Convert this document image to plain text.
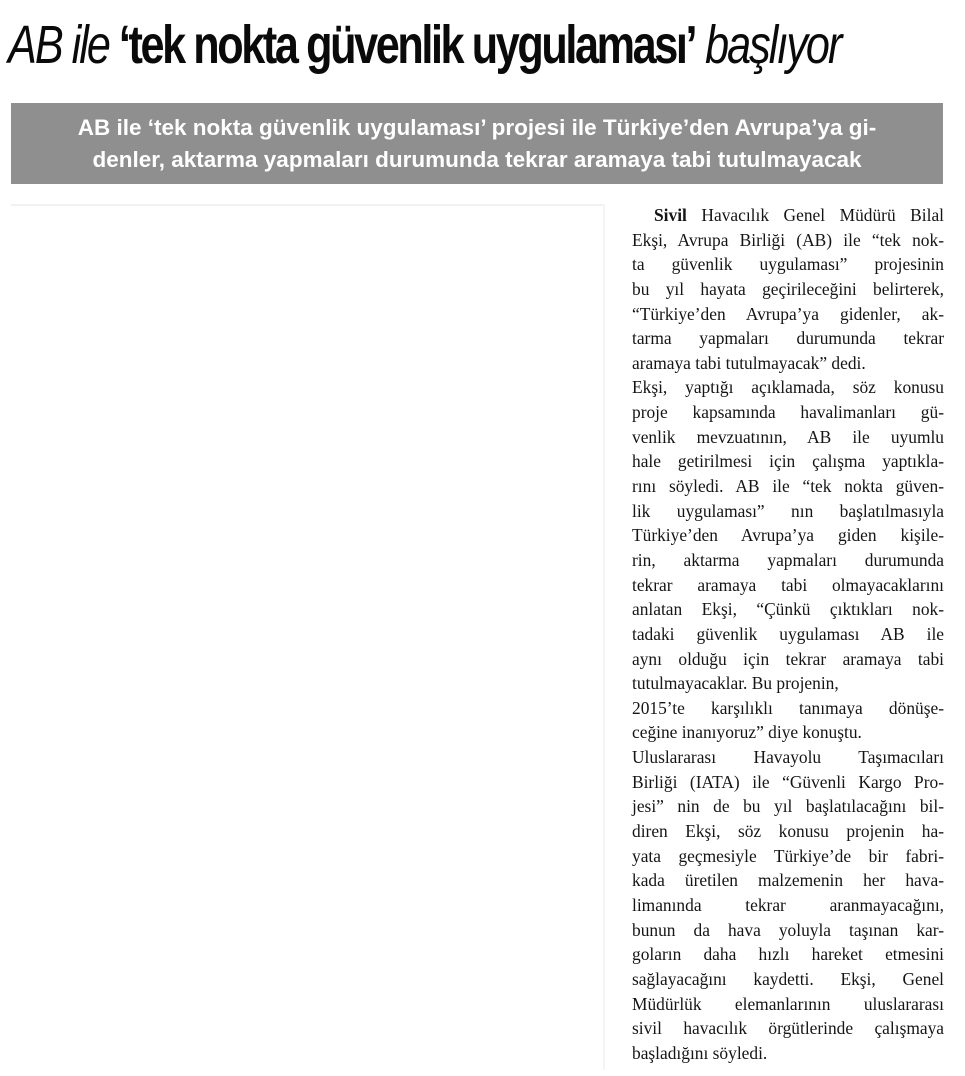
AB ile ‘tek nokta güvenlik uygulaması’ başlıyor
AB ile ‘tek nokta güvenlik uygulaması’ projesi ile Türkiye’den Avrupa’ya gi-
denler, aktarma yapmaları durumunda tekrar aramaya tabi tutulmayacak
Sivil Havacılık Genel Müdürü Bilal
Ekşi, Avrupa Birliği (AB) ile “tek nok-
ta güvenlik uygulaması” projesinin
bu yıl hayata geçirileceğini belirterek,
“Türkiye’den Avrupa’ya gidenler, ak-
tarma yapmaları durumunda tekrar
aramaya tabi tutulmayacak” dedi.
Ekşi, yaptığı açıklamada, söz konusu
proje kapsamında havalimanları gü-
venlik mevzuatının, AB ile uyumlu
hale getirilmesi için çalışma yaptıkla-
rını söyledi. AB ile “tek nokta güven-
lik uygulaması” nın başlatılmasıyla
Türkiye’den Avrupa’ya giden kişile-
rin, aktarma yapmaları durumunda
tekrar aramaya tabi olmayacaklarını
anlatan Ekşi, “Çünkü çıktıkları nok-
tadaki güvenlik uygulaması AB ile
aynı olduğu için tekrar aramaya tabi
tutulmayacaklar. Bu projenin,
2015’te karşılıklı tanımaya dönüşe-
ceğine inanıyoruz” diye konuştu.
Uluslararası Havayolu Taşımacıları
Birliği (IATA) ile “Güvenli Kargo Pro-
jesi” nin de bu yıl başlatılacağını bil-
diren Ekşi, söz konusu projenin ha-
yata geçmesiyle Türkiye’de bir fabri-
kada üretilen malzemenin her hava-
limanında tekrar aranmayacağını,
bunun da hava yoluyla taşınan kar-
goların daha hızlı hareket etmesini
sağlayacağını kaydetti. Ekşi, Genel
Müdürlük elemanlarının uluslararası
sivil havacılık örgütlerinde çalışmaya
başladığını söyledi.
